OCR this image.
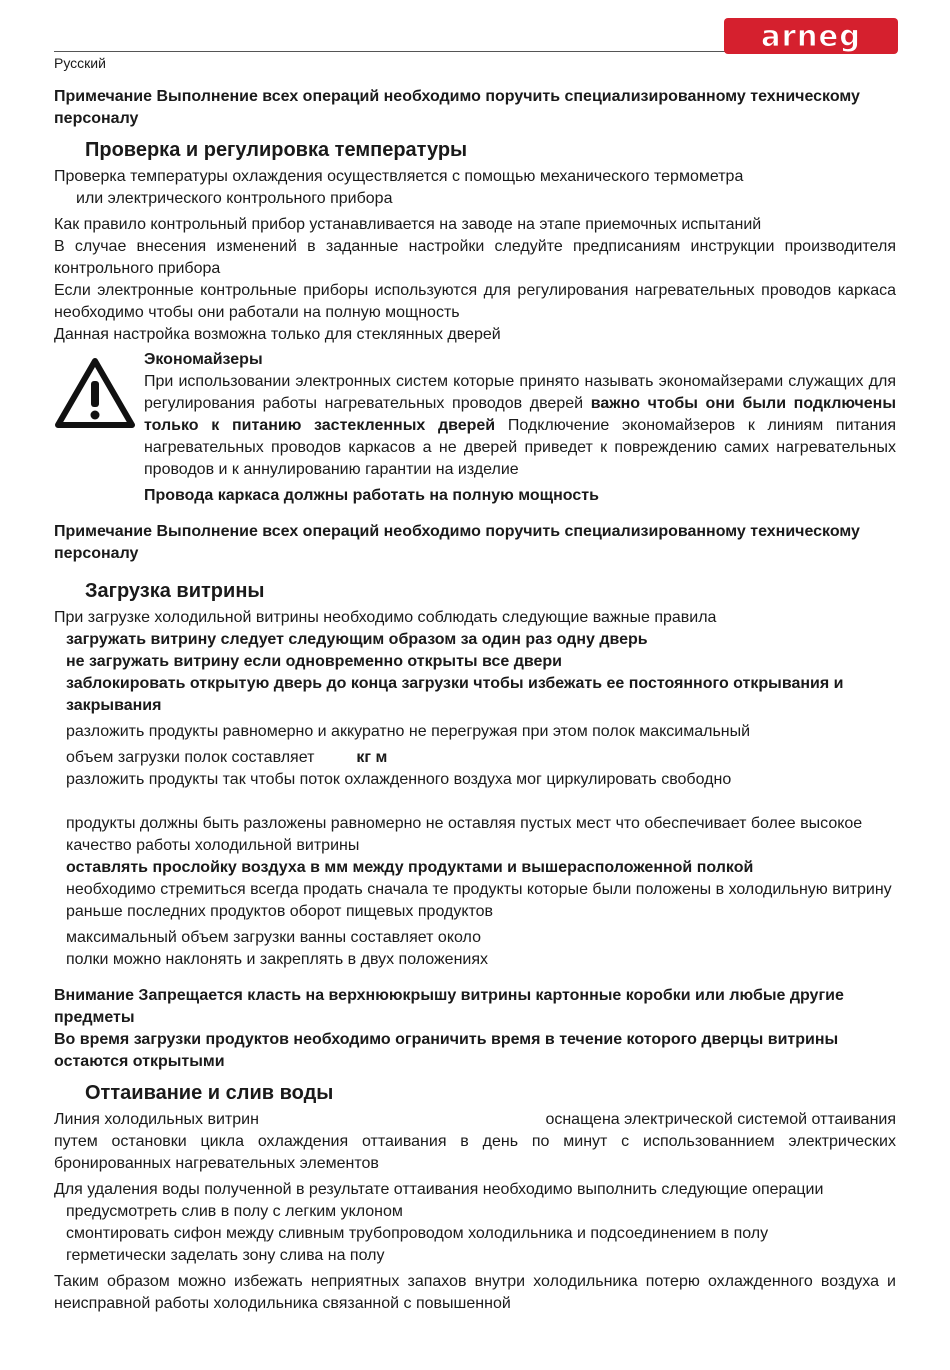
arneg
Русский

Примечание Выполнение всех операций необходимо поручить специализированному техническому персоналу

Проверка и регулировка температуры

Проверка температуры охлаждения осуществляется с помощью механического термометра

или электрического контрольного прибора

Как правило контрольный прибор устанавливается на заводе на этапе приемочных испытаний

В случае внесения изменений в заданные настройки следуйте предписаниям инструкции производителя контрольного прибора

Если электронные контрольные приборы используются для регулирования нагревательных проводов каркаса необходимо чтобы они работали на полную мощность

Данная настройка возможна только для стеклянных дверей

Экономайзеры

При использовании электронных систем которые принято называть экономайзерами служащих для регулирования работы нагревательных проводов дверей важно чтобы они были подключены только к питанию застекленных дверей Подключение экономайзеров к линиям питания нагревательных проводов каркасов а не дверей приведет к повреждению самих нагревательных проводов и к аннулированию гарантии на изделие

Провода каркаса должны работать на полную мощность

Примечание Выполнение всех операций необходимо поручить специализированному техническому персоналу

Загрузка витрины

При загрузке холодильной витрины необходимо соблюдать следующие важные правила

загружать витрину следует следующим образом за один раз одну дверь

не загружать витрину если одновременно открыты все двери

заблокировать открытую дверь до конца загрузки чтобы избежать ее постоянного открывания и закрывания

разложить продукты равномерно и аккуратно не перегружая при этом полок максимальный

объем загрузки полок составляет	кг м

разложить продукты так чтобы поток охлажденного воздуха мог циркулировать свободно

продукты должны быть разложены равномерно не оставляя пустых мест что обеспечивает более высокое качество работы холодильной витрины

оставлять прослойку воздуха в мм между продуктами и вышерасположенной полкой

необходимо стремиться всегда продать сначала те продукты которые были положены в холодильную витрину раньше последних продуктов оборот пищевых продуктов

максимальный объем загрузки ванны составляет около

полки можно наклонять и закреплять в двух положениях

Внимание Запрещается класть на верхнююкрышу витрины картонные коробки или любые другие предметы

Во время загрузки продуктов необходимо ограничить время в течение которого дверцы витрины остаются открытыми

Оттаивание и слив воды

Линия холодильных витрин	оснащена электрической системой оттаивания

путем остановки цикла охлаждения оттаивания в день по минут с использованнием электрических бронированных нагревательных элементов

Для удаления воды полученной в результате оттаивания необходимо выполнить следующие операции

предусмотреть слив в полу с легким уклоном

смонтировать сифон между сливным трубопроводом холодильника и подсоединением в полу

герметически заделать зону слива на полу

Таким образом можно избежать неприятных запахов внутри холодильника потерю охлажденного воздуха и неисправной работы холодильника связанной с повышенной
